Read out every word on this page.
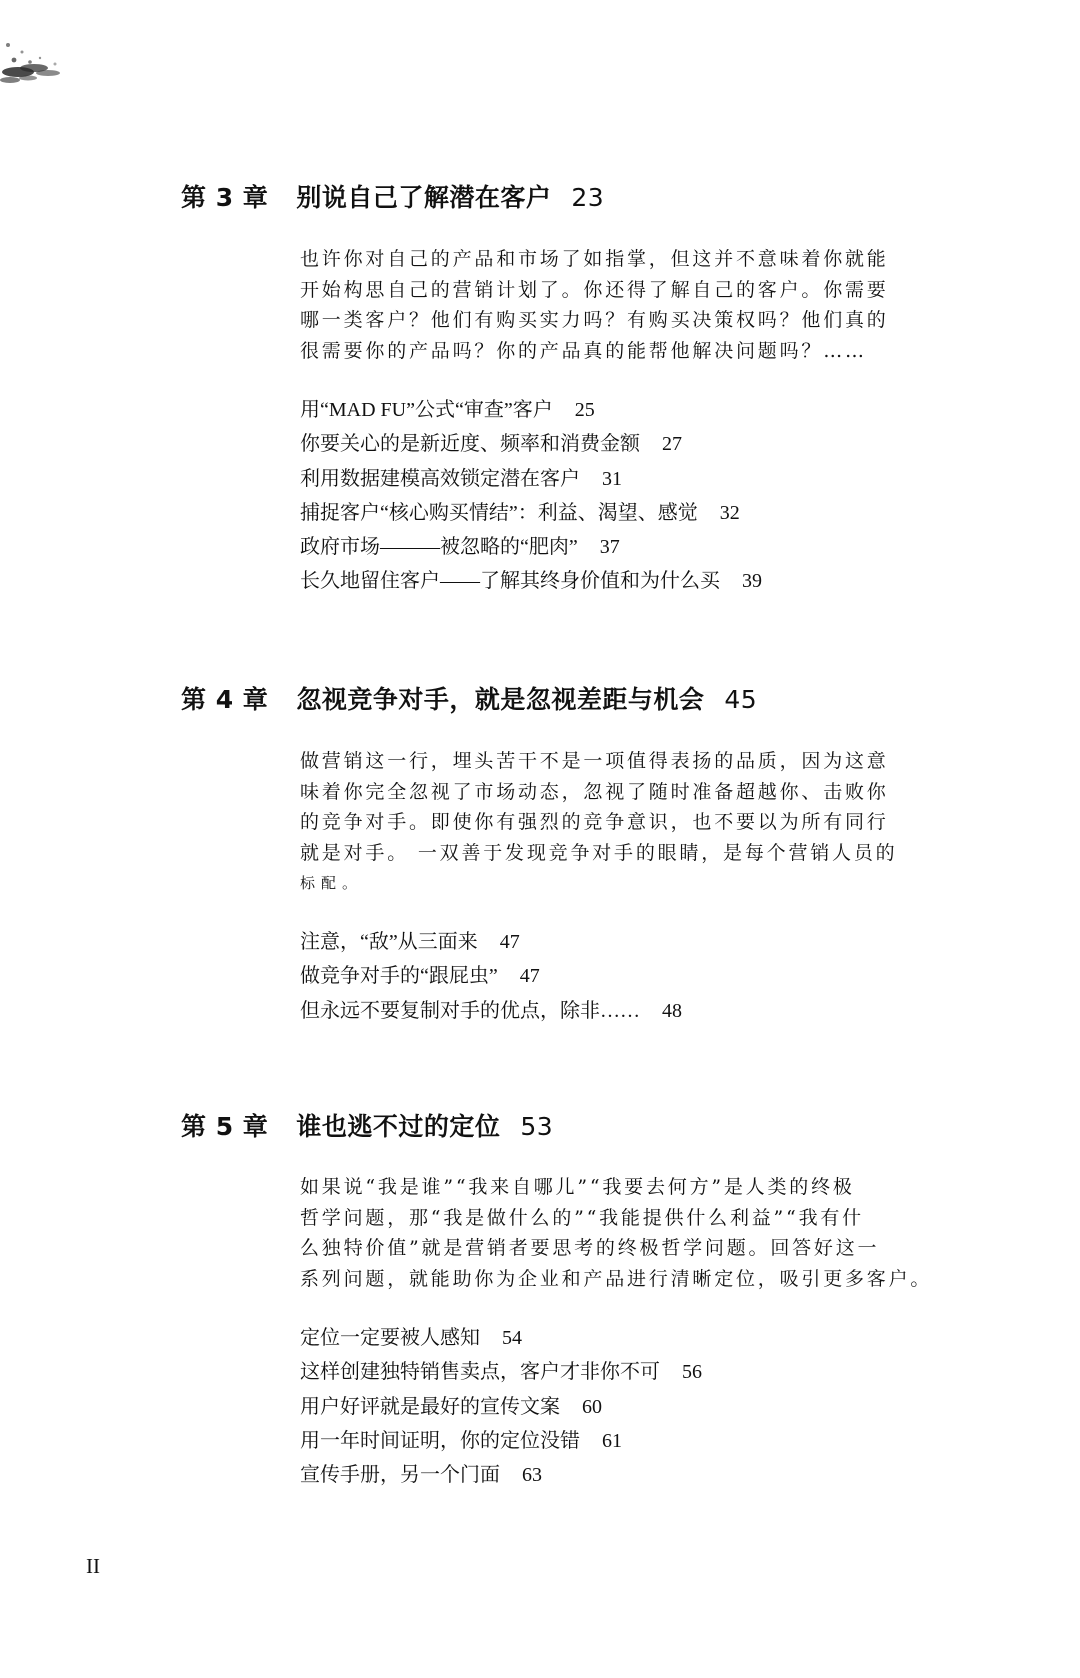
第 3 章 别说自己了解潜在客户 23
也许你对自己的产品和市场了如指掌，但这并不意味着你就能
开始构思自己的营销计划了。你还得了解自己的客户。你需要
哪一类客户？他们有购买实力吗？有购买决策权吗？他们真的
很需要你的产品吗？你的产品真的能帮他解决问题吗？……
用“MAD FU”公式“审查”客户 25
你要关心的是新近度、频率和消费金额 27
利用数据建模高效锁定潜在客户 31
捕捉客户“核心购买情结”：利益、渴望、感觉 32
政府市场———被忽略的“肥肉” 37
长久地留住客户——了解其终身价值和为什么买 39
第 4 章 忽视竞争对手，就是忽视差距与机会 45
做营销这一行，埋头苦干不是一项值得表扬的品质，因为这意
味着你完全忽视了市场动态，忽视了随时准备超越你、击败你
的竞争对手。即使你有强烈的竞争意识，也不要以为所有同行
就是对手。 一双善于发现竞争对手的眼睛，是每个营销人员的
标配。
注意，“敌”从三面来 47
做竞争对手的“跟屁虫” 47
但永远不要复制对手的优点，除非…… 48
第 5 章 谁也逃不过的定位 53
如果说“我是谁”“我来自哪儿”“我要去何方”是人类的终极
哲学问题，那“我是做什么的”“我能提供什么利益”“我有什
么独特价值”就是营销者要思考的终极哲学问题。回答好这一
系列问题，就能助你为企业和产品进行清晰定位，吸引更多客户。
定位一定要被人感知 54
这样创建独特销售卖点，客户才非你不可 56
用户好评就是最好的宣传文案 60
用一年时间证明，你的定位没错 61
宣传手册，另一个门面 63
II
